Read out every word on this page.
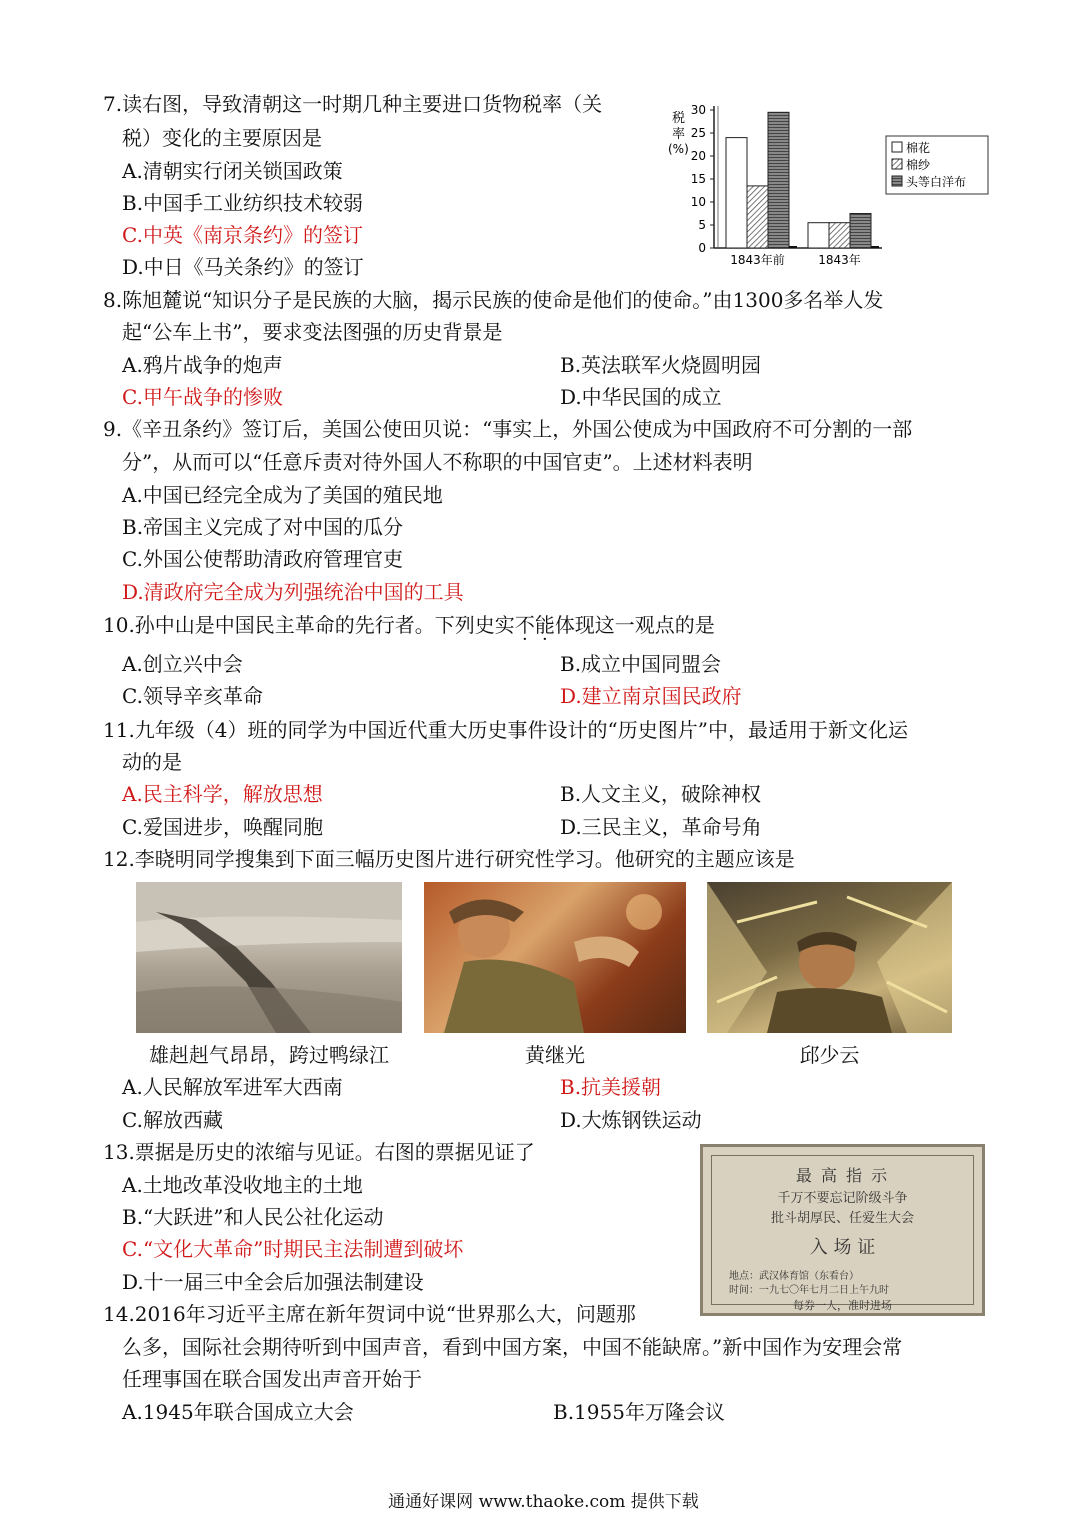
7.读右图，导致清朝这一时期几种主要进口货物税率（关
税）变化的主要原因是
A.清朝实行闭关锁国政策
B.中国手工业纺织技术较弱
C.中英《南京条约》的签订
D.中日《马关条约》的签订
税
率
(%)
0
5
10
15
20
25
30
1843年前	1843年
棉花
棉纱
头等白洋布
8.陈旭麓说“知识分子是民族的大脑，揭示民族的使命是他们的使命。”由1300多名举人发
起“公车上书”，要求变法图强的历史背景是
A.鸦片战争的炮声	B.英法联军火烧圆明园
C.甲午战争的惨败	D.中华民国的成立
9.《辛丑条约》签订后，美国公使田贝说：“事实上，外国公使成为中国政府不可分割的一部
分”，从而可以“任意斥责对待外国人不称职的中国官吏”。上述材料表明
A.中国已经完全成为了美国的殖民地
B.帝国主义完成了对中国的瓜分
C.外国公使帮助清政府管理官吏
D.清政府完全成为列强统治中国的工具
10.孙中山是中国民主革命的先行者。下列史实不能体现这一观点的是
A.创立兴中会	B.成立中国同盟会
C.领导辛亥革命	D.建立南京国民政府
11.九年级（4）班的同学为中国近代重大历史事件设计的“历史图片”中，最适用于新文化运
动的是
A.民主科学，解放思想	B.人文主义，破除神权
C.爱国进步，唤醒同胞	D.三民主义，革命号角
12.李晓明同学搜集到下面三幅历史图片进行研究性学习。他研究的主题应该是
雄赳赳气昂昂，跨过鸭绿江	黄继光	邱少云
A.人民解放军进军大西南	B.抗美援朝
C.解放西藏	D.大炼钢铁运动
13.票据是历史的浓缩与见证。右图的票据见证了
A.土地改革没收地主的土地
B.“大跃进”和人民公社化运动
C.“文化大革命”时期民主法制遭到破坏
D.十一届三中全会后加强法制建设
最 高 指 示
千万不要忘记阶级斗争
批斗胡厚民、任爱生大会
入 场 证
地点：武汉体育馆（东看台）
时间：一九七〇年七月二日上午九时
每券一人，准时进场
14.2016年习近平主席在新年贺词中说“世界那么大，问题那
么多，国际社会期待听到中国声音，看到中国方案，中国不能缺席。”新中国作为安理会常
任理事国在联合国发出声音开始于
A.1945年联合国成立大会	B.1955年万隆会议
通通好课网 www.thaoke.com 提供下载
